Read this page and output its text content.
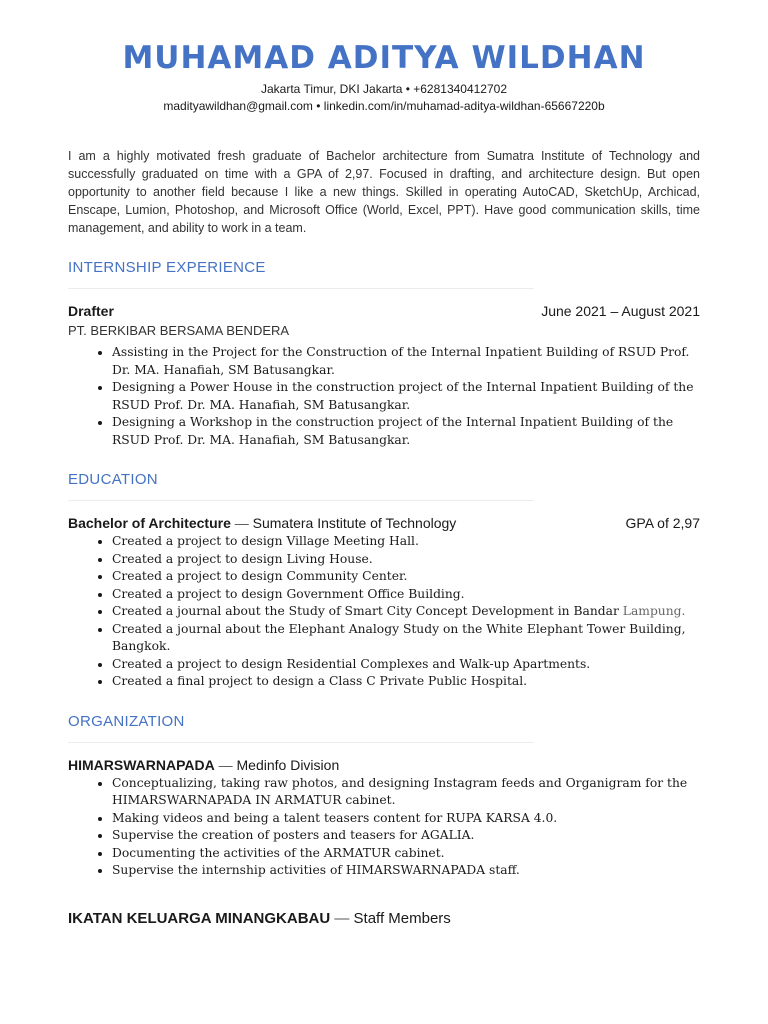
MUHAMAD ADITYA WILDHAN
Jakarta Timur, DKI Jakarta • +6281340412702
madityawildhan@gmail.com • linkedin.com/in/muhamad-aditya-wildhan-65667220b
I am a highly motivated fresh graduate of Bachelor architecture from Sumatra Institute of Technology and successfully graduated on time with a GPA of 2,97. Focused in drafting, and architecture design. But open opportunity to another field because I like a new things. Skilled in operating AutoCAD, SketchUp, Archicad, Enscape, Lumion, Photoshop, and Microsoft Office (World, Excel, PPT). Have good communication skills, time management, and ability to work in a team.
INTERNSHIP EXPERIENCE
Drafter	June 2021 – August 2021
PT. BERKIBAR BERSAMA BENDERA
• Assisting in the Project for the Construction of the Internal Inpatient Building of RSUD Prof. Dr. MA. Hanafiah, SM Batusangkar.
• Designing a Power House in the construction project of the Internal Inpatient Building of the RSUD Prof. Dr. MA. Hanafiah, SM Batusangkar.
• Designing a Workshop in the construction project of the Internal Inpatient Building of the RSUD Prof. Dr. MA. Hanafiah, SM Batusangkar.
EDUCATION
Bachelor of Architecture — Sumatera Institute of Technology	GPA of 2,97
• Created a project to design Village Meeting Hall.
• Created a project to design Living House.
• Created a project to design Community Center.
• Created a project to design Government Office Building.
• Created a journal about the Study of Smart City Concept Development in Bandar Lampung.
• Created a journal about the Elephant Analogy Study on the White Elephant Tower Building, Bangkok.
• Created a project to design Residential Complexes and Walk-up Apartments.
• Created a final project to design a Class C Private Public Hospital.
ORGANIZATION
HIMARSWARNAPADA — Medinfo Division
• Conceptualizing, taking raw photos, and designing Instagram feeds and Organigram for the HIMARSWARNAPADA IN ARMATUR cabinet.
• Making videos and being a talent teasers content for RUPA KARSA 4.0.
• Supervise the creation of posters and teasers for AGALIA.
• Documenting the activities of the ARMATUR cabinet.
• Supervise the internship activities of HIMARSWARNAPADA staff.
IKATAN KELUARGA MINANGKABAU — Staff Members
